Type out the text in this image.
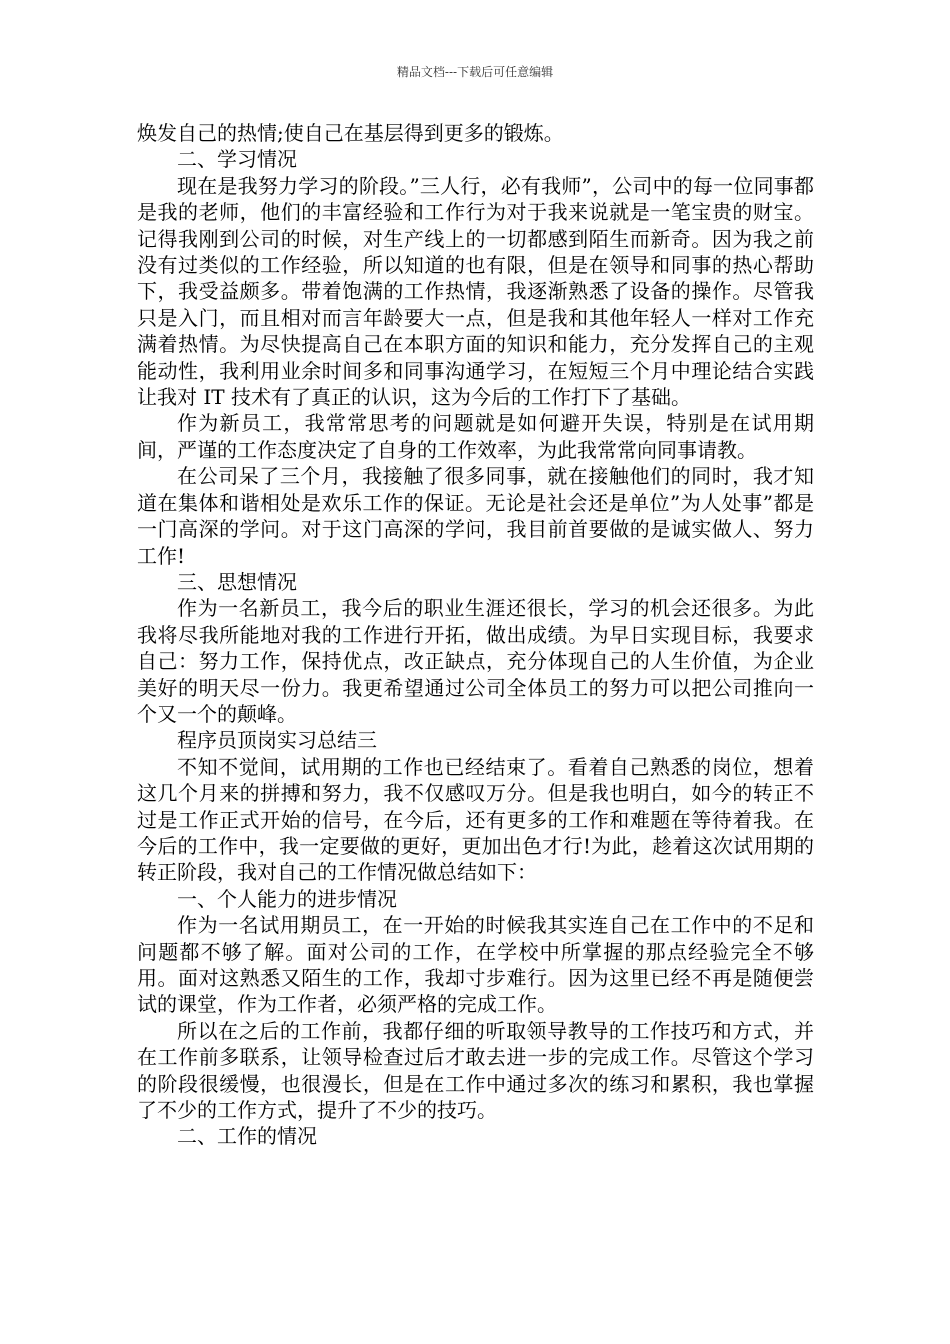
精品文档---下载后可任意编辑

焕发自己的热情;使自己在基层得到更多的锻炼。

二、学习情况

现在是我努力学习的阶段。”三人行，必有我师”，公司中的每一位同事都是我的老师，他们的丰富经验和工作行为对于我来说就是一笔宝贵的财宝。记得我刚到公司的时候，对生产线上的一切都感到陌生而新奇。因为我之前没有过类似的工作经验，所以知道的也有限，但是在领导和同事的热心帮助下，我受益颇多。带着饱满的工作热情，我逐渐熟悉了设备的操作。尽管我只是入门，而且相对而言年龄要大一点，但是我和其他年轻人一样对工作充满着热情。为尽快提高自己在本职方面的知识和能力，充分发挥自己的主观能动性，我利用业余时间多和同事沟通学习，在短短三个月中理论结合实践让我对 IT 技术有了真正的认识，这为今后的工作打下了基础。

作为新员工，我常常思考的问题就是如何避开失误，特别是在试用期间，严谨的工作态度决定了自身的工作效率，为此我常常向同事请教。

在公司呆了三个月，我接触了很多同事，就在接触他们的同时，我才知道在集体和谐相处是欢乐工作的保证。无论是社会还是单位”为人处事”都是一门高深的学问。对于这门高深的学问，我目前首要做的是诚实做人、努力工作!

三、思想情况

作为一名新员工，我今后的职业生涯还很长，学习的机会还很多。为此我将尽我所能地对我的工作进行开拓，做出成绩。为早日实现目标，我要求自己：努力工作，保持优点，改正缺点，充分体现自己的人生价值，为企业美好的明天尽一份力。我更希望通过公司全体员工的努力可以把公司推向一个又一个的颠峰。

程序员顶岗实习总结三

不知不觉间，试用期的工作也已经结束了。看着自己熟悉的岗位，想着这几个月来的拼搏和努力，我不仅感叹万分。但是我也明白，如今的转正不过是工作正式开始的信号，在今后，还有更多的工作和难题在等待着我。在今后的工作中，我一定要做的更好，更加出色才行!为此，趁着这次试用期的转正阶段，我对自己的工作情况做总结如下：

一、个人能力的进步情况

作为一名试用期员工，在一开始的时候我其实连自己在工作中的不足和问题都不够了解。面对公司的工作，在学校中所掌握的那点经验完全不够用。面对这熟悉又陌生的工作，我却寸步难行。因为这里已经不再是随便尝试的课堂，作为工作者，必须严格的完成工作。

所以在之后的工作前，我都仔细的听取领导教导的工作技巧和方式，并在工作前多联系，让领导检查过后才敢去进一步的完成工作。尽管这个学习的阶段很缓慢，也很漫长，但是在工作中通过多次的练习和累积，我也掌握了不少的工作方式，提升了不少的技巧。

二、工作的情况
